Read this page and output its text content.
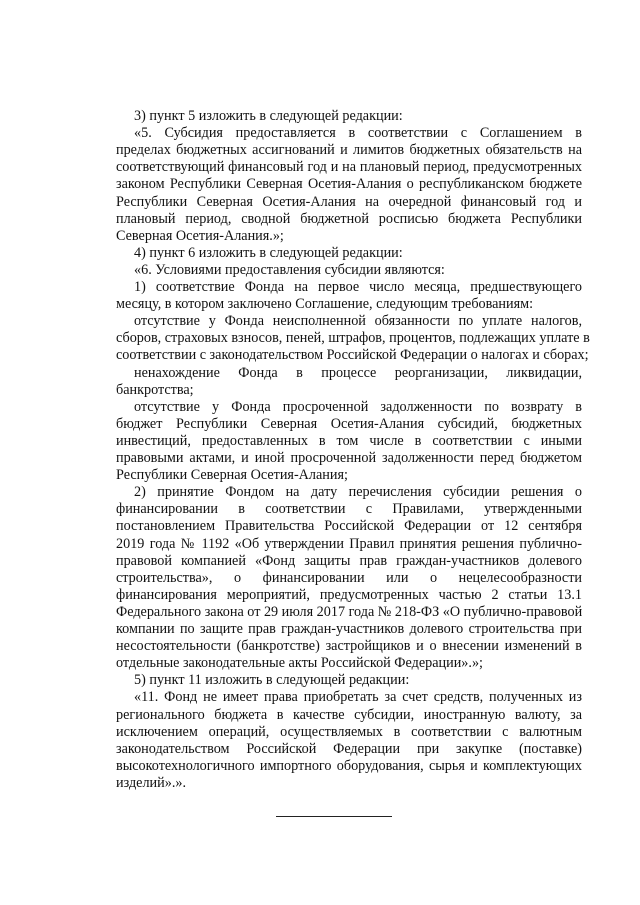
3) пункт 5 изложить в следующей редакции:
«5. Субсидия предоставляется в соответствии с Соглашением в
пределах бюджетных ассигнований и лимитов бюджетных обязательств на
соответствующий финансовый год и на плановый период, предусмотренных
законом Республики Северная Осетия-Алания о республиканском бюджете
Республики Северная Осетия-Алания на очередной финансовый год и
плановый период, сводной бюджетной росписью бюджета Республики
Северная Осетия-Алания.»;
4) пункт 6 изложить в следующей редакции:
«6. Условиями предоставления субсидии являются:
1) соответствие Фонда на первое число месяца, предшествующего
месяцу, в котором заключено Соглашение, следующим требованиям:
отсутствие у Фонда неисполненной обязанности по уплате налогов,
сборов, страховых взносов, пеней, штрафов, процентов, подлежащих уплате в
соответствии с законодательством Российской Федерации о налогах и сборах;
ненахождение Фонда в процессе реорганизации, ликвидации,
банкротства;
отсутствие у Фонда просроченной задолженности по возврату в
бюджет Республики Северная Осетия-Алания субсидий, бюджетных
инвестиций, предоставленных в том числе в соответствии с иными
правовыми актами, и иной просроченной задолженности перед бюджетом
Республики Северная Осетия-Алания;
2) принятие Фондом на дату перечисления субсидии решения о
финансировании в соответствии с Правилами, утвержденными
постановлением Правительства Российской Федерации от 12 сентября
2019 года № 1192 «Об утверждении Правил принятия решения публично-
правовой компанией «Фонд защиты прав граждан-участников долевого
строительства», о финансировании или о нецелесообразности
финансирования мероприятий, предусмотренных частью 2 статьи 13.1
Федерального закона от 29 июля 2017 года № 218-ФЗ «О публично-правовой
компании по защите прав граждан-участников долевого строительства при
несостоятельности (банкротстве) застройщиков и о внесении изменений в
отдельные законодательные акты Российской Федерации».»;
5) пункт 11 изложить в следующей редакции:
«11. Фонд не имеет права приобретать за счет средств, полученных из
регионального бюджета в качестве субсидии, иностранную валюту, за
исключением операций, осуществляемых в соответствии с валютным
законодательством Российской Федерации при закупке (поставке)
высокотехнологичного импортного оборудования, сырья и комплектующих
изделий».».
